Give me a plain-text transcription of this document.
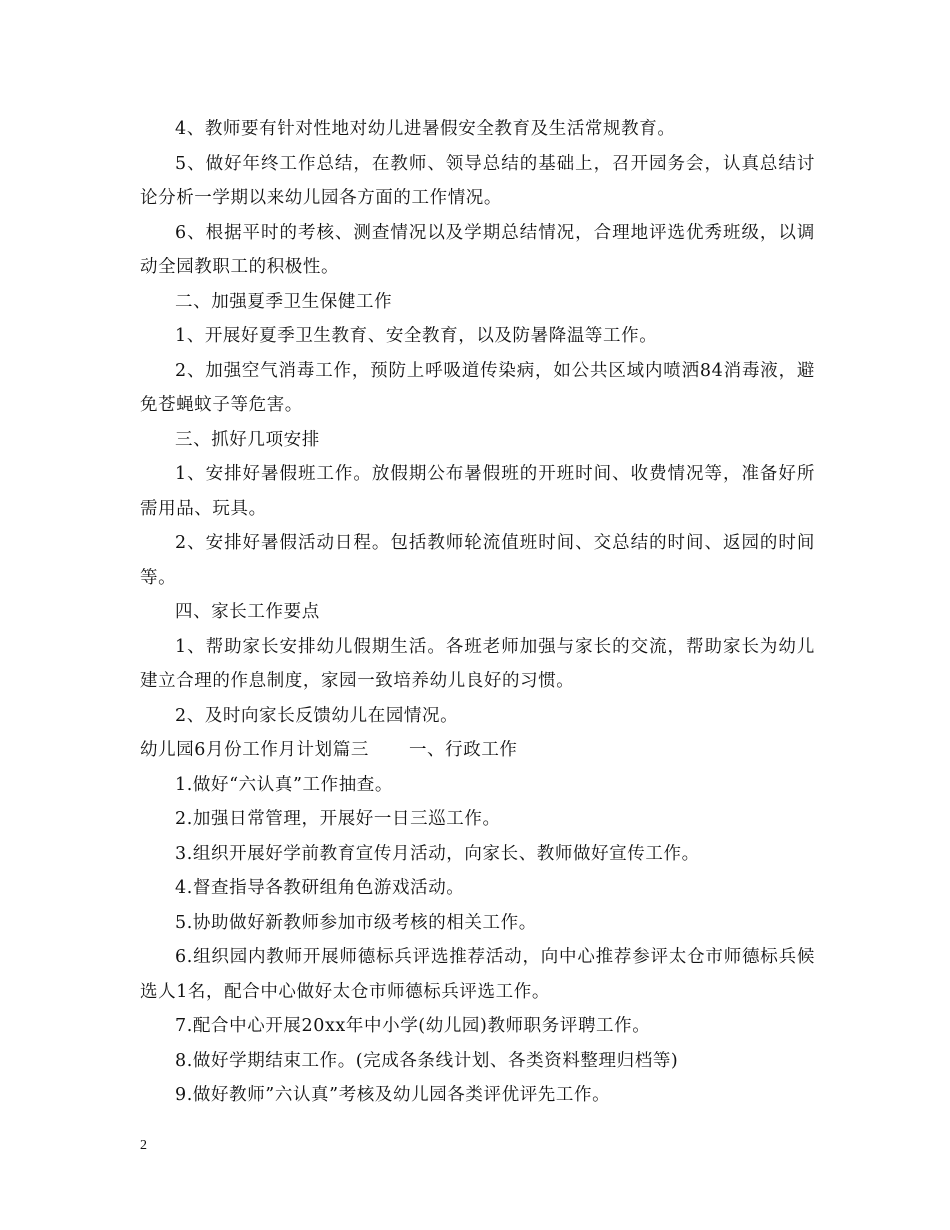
4、教师要有针对性地对幼儿进暑假安全教育及生活常规教育。

5、做好年终工作总结，在教师、领导总结的基础上，召开园务会，认真总结讨论分析一学期以来幼儿园各方面的工作情况。

6、根据平时的考核、测查情况以及学期总结情况，合理地评选优秀班级，以调动全园教职工的积极性。

二、加强夏季卫生保健工作

1、开展好夏季卫生教育、安全教育，以及防暑降温等工作。

2、加强空气消毒工作，预防上呼吸道传染病，如公共区域内喷洒84消毒液，避免苍蝇蚊子等危害。

三、抓好几项安排

1、安排好暑假班工作。放假期公布暑假班的开班时间、收费情况等，准备好所需用品、玩具。

2、安排好暑假活动日程。包括教师轮流值班时间、交总结的时间、返园的时间等。

四、家长工作要点

1、帮助家长安排幼儿假期生活。各班老师加强与家长的交流，帮助家长为幼儿建立合理的作息制度，家园一致培养幼儿良好的习惯。

2、及时向家长反馈幼儿在园情况。

幼儿园6月份工作月计划篇三 一、行政工作

1.做好“六认真”工作抽查。

2.加强日常管理，开展好一日三巡工作。

3.组织开展好学前教育宣传月活动，向家长、教师做好宣传工作。

4.督查指导各教研组角色游戏活动。

5.协助做好新教师参加市级考核的相关工作。

6.组织园内教师开展师德标兵评选推荐活动，向中心推荐参评太仓市师德标兵候选人1名，配合中心做好太仓市师德标兵评选工作。

7.配合中心开展20xx年中小学(幼儿园)教师职务评聘工作。

8.做好学期结束工作。(完成各条线计划、各类资料整理归档等)

9.做好教师”六认真”考核及幼儿园各类评优评先工作。

2
